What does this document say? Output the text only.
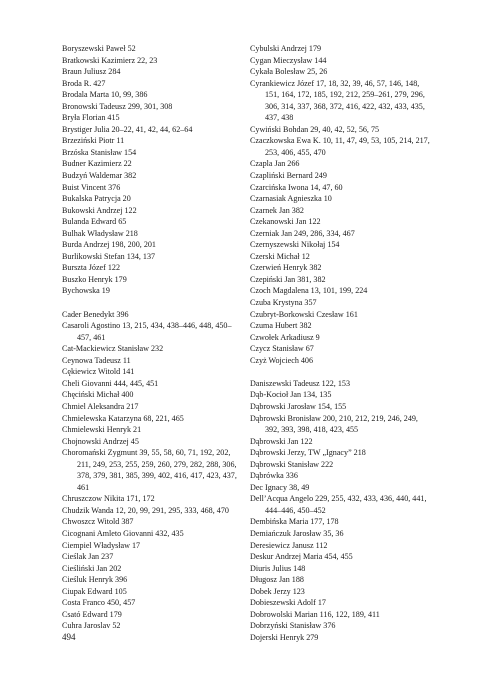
Boryszewski Paweł 52
Bratkowski Kazimierz 22, 23
Braun Juliusz 284
Broda R. 427
Brodala Marta 10, 99, 386
Bronowski Tadeusz 299, 301, 308
Bryła Florian 415
Brystiger Julia 20–22, 41, 42, 44, 62–64
Brzeziński Piotr 11
Brzóska Stanisław 154
Budner Kazimierz 22
Budzyń Waldemar 382
Buist Vincent 376
Bukalska Patrycja 20
Bukowski Andrzej 122
Bulanda Edward 65
Bulhak Władysław 218
Burda Andrzej 198, 200, 201
Burlikowski Stefan 134, 137
Bursztа Józef 122
Buszko Henryk 179
Bychowska 19
Cader Benedykt 396
Casaroli Agostino 13, 215, 434, 438–446, 448, 450–457, 461
Cat-Mackiewicz Stanisław 232
Ceynowa Tadeusz 11
Cękiewicz Witold 141
Cheli Giovanni 444, 445, 451
Chęciński Michał 400
Chmiel Aleksandra 217
Chmielewska Katarzyna 68, 221, 465
Chmielewski Henryk 21
Chojnowski Andrzej 45
Choromański Zygmunt 39, 55, 58, 60, 71, 192, 202, 211, 249, 253, 255, 259, 260, 279, 282, 288, 306, 378, 379, 381, 385, 399, 402, 416, 417, 423, 437, 461
Chruszczow Nikita 171, 172
Chudzik Wanda 12, 20, 99, 291, 295, 333, 468, 470
Chwoszcz Witold 387
Cicognani Amleto Giovanni 432, 435
Ciempiel Władysław 17
Cieślak Jan 237
Cieśliński Jan 202
Cieśluk Henryk 396
Ciupak Edward 105
Costa Franco 450, 457
Csató Edward 179
Cuhra Jaroslav 52
Cybulski Andrzej 179
Cygan Mieczysław 144
Cykała Bolesław 25, 26
Cyrankiewicz Józef 17, 18, 32, 39, 46, 57, 146, 148, 151, 164, 172, 185, 192, 212, 259–261, 279, 296, 306, 314, 337, 368, 372, 416, 422, 432, 433, 435, 437, 438
Cywiński Bohdan 29, 40, 42, 52, 56, 75
Czaczkowska Ewa K. 10, 11, 47, 49, 53, 105, 214, 217, 253, 406, 455, 470
Czapla Jan 266
Czapliński Bernard 249
Czarcińska Iwona 14, 47, 60
Czarnasiak Agnieszka 10
Czarnek Jan 382
Czekanowski Jan 122
Czerniak Jan 249, 286, 334, 467
Czernyszewski Nikołaj 154
Czerski Michał 12
Czerwień Henryk 382
Czepiński Jan 381, 382
Czoch Magdalena 13, 101, 199, 224
Czuba Krystyna 357
Czubryt-Borkowski Czesław 161
Czuma Hubert 382
Czwołek Arkadiusz 9
Czycz Stanisław 67
Czyż Wojciech 406
Daniszewski Tadeusz 122, 153
Dąb-Kocioł Jan 134, 135
Dąbrowski Jarosław 154, 155
Dąbrowski Bronisław 200, 210, 212, 219, 246, 249, 392, 393, 398, 418, 423, 455
Dąbrowski Jan 122
Dąbrowski Jerzy, TW „Ignacy” 218
Dąbrowski Stanisław 222
Dąbrówka 336
Dec Ignacy 38, 49
Dell’Acqua Angelo 229, 255, 432, 433, 436, 440, 441, 444–446, 450–452
Dembińska Maria 177, 178
Demiańczuk Jarosław 35, 36
Deresiewicz Janusz 112
Deskur Andrzej Maria 454, 455
Diuris Julius 148
Długosz Jan 188
Dobek Jerzy 123
Dobieszewski Adolf 17
Dobrowolski Marian 116, 122, 189, 411
Dobrzyński Stanisław 376
Dojerski Henryk 279
494
